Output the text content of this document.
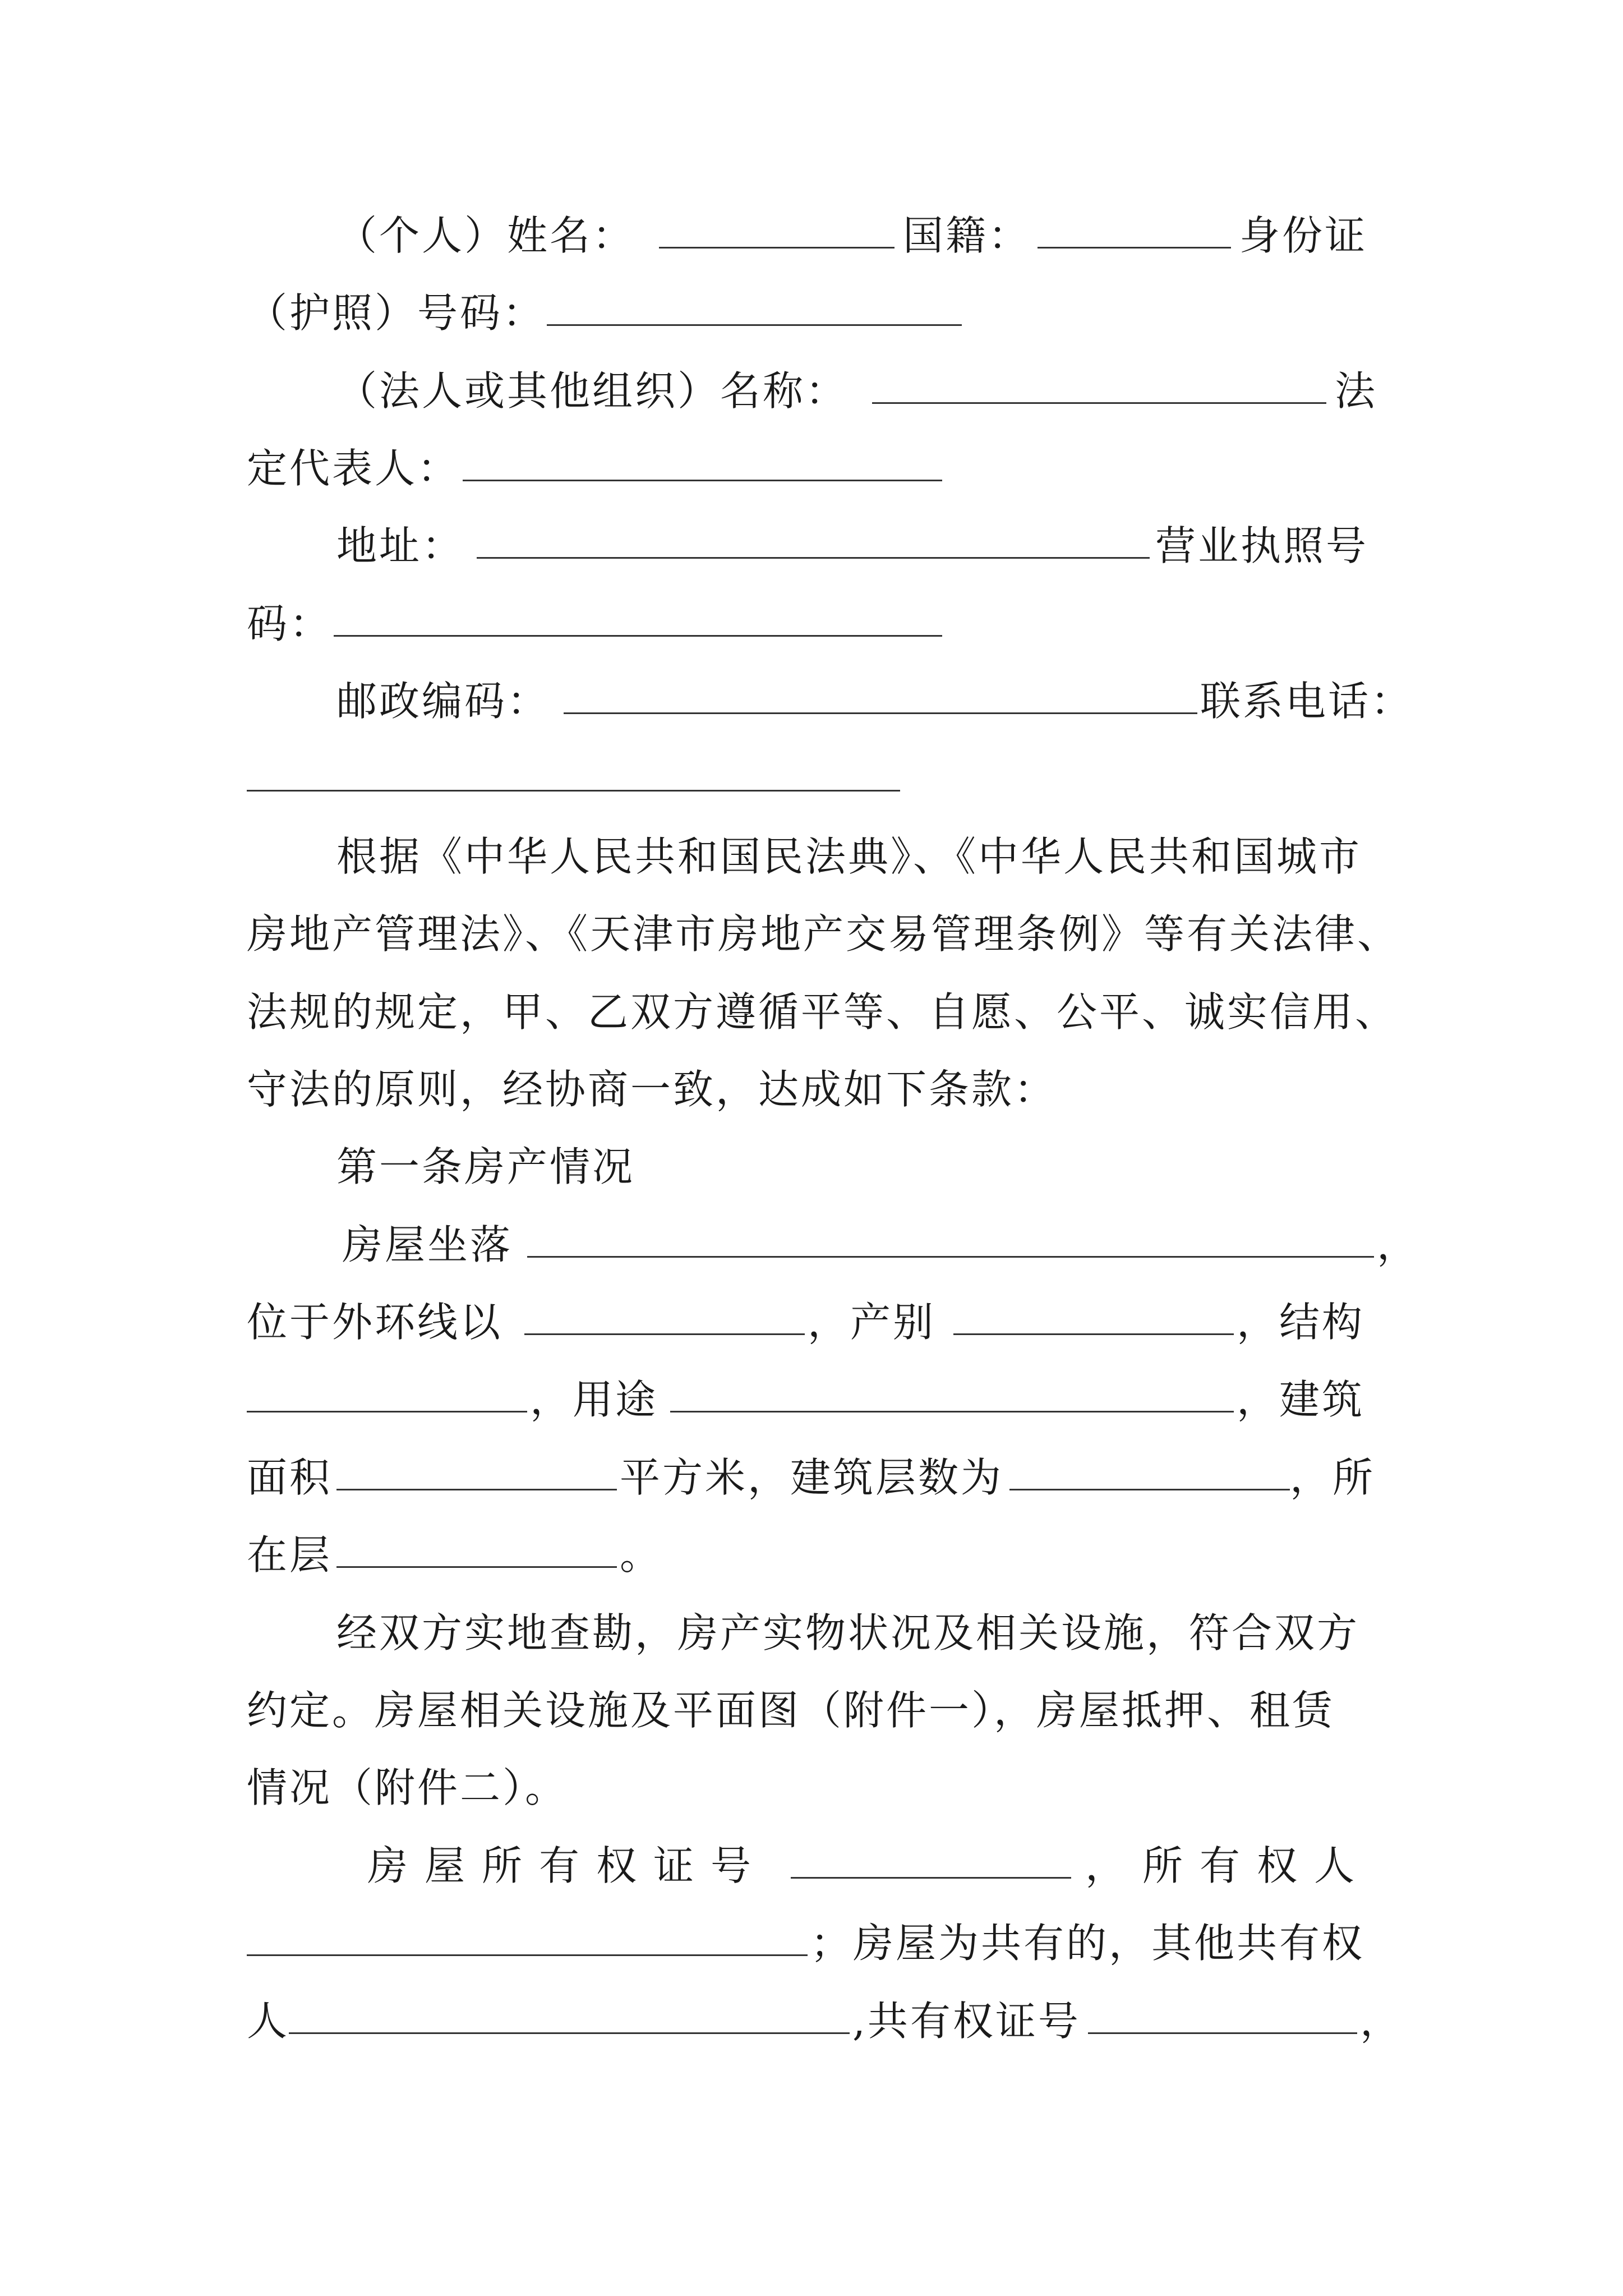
（个人）姓名：	国籍：	身份证
（护照）号码：
（法人或其他组织）名称：	法
定代表人：
地址：	营业执照号
码：
邮政编码：	联系电话：
根据《中华人民共和国民法典》、《中华人民共和国城市
房地产管理法》、《天津市房地产交易管理条例》等有关法律、
法规的规定，甲、乙双方遵循平等、自愿、公平、诚实信用、
守法的原则，经协商一致，达成如下条款：
第一条房产情况
房屋坐落	，
位于外环线以	，产别	，结构
，用途	，建筑
面积	平方米，建筑层数为	，所
在层	。
经双方实地查勘，房产实物状况及相关设施，符合双方
约定。房屋相关设施及平面图（附件一），房屋抵押、租赁
情况（附件二）。
房屋所有权证号	，所有权人
；房屋为共有的，其他共有权
人	,共有权证号	，
